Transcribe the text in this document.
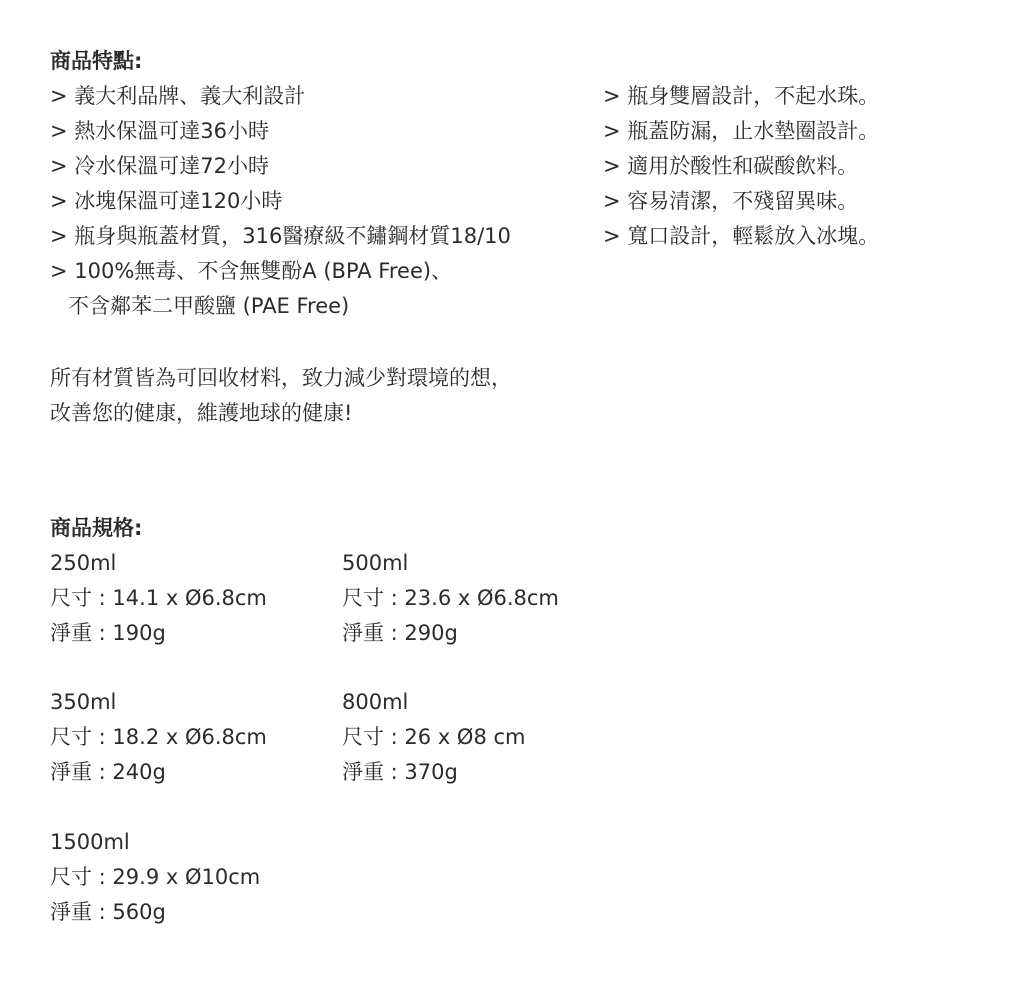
商品特點:
> 義大利品牌、義大利設計
> 熱水保溫可達36小時
> 冷水保溫可達72小時
> 冰塊保溫可達120小時
> 瓶身與瓶蓋材質，316醫療級不鏽鋼材質18/10
> 100%無毒、不含無雙酚A (BPA Free)、
不含鄰苯二甲酸鹽 (PAE Free)
> 瓶身雙層設計，不起水珠。
> 瓶蓋防漏，止水墊圈設計。
> 適用於酸性和碳酸飲料。
> 容易清潔，不殘留異味。
> 寬口設計，輕鬆放入冰塊。
所有材質皆為可回收材料，致力減少對環境的想，
改善您的健康，維護地球的健康!
商品規格:
250ml
尺寸 : 14.1 x Ø6.8cm
淨重 : 190g
500ml
尺寸 : 23.6 x Ø6.8cm
淨重 : 290g
350ml
尺寸 : 18.2 x Ø6.8cm
淨重 : 240g
800ml
尺寸 : 26 x Ø8 cm
淨重 : 370g
1500ml
尺寸 : 29.9 x Ø10cm
淨重 : 560g
